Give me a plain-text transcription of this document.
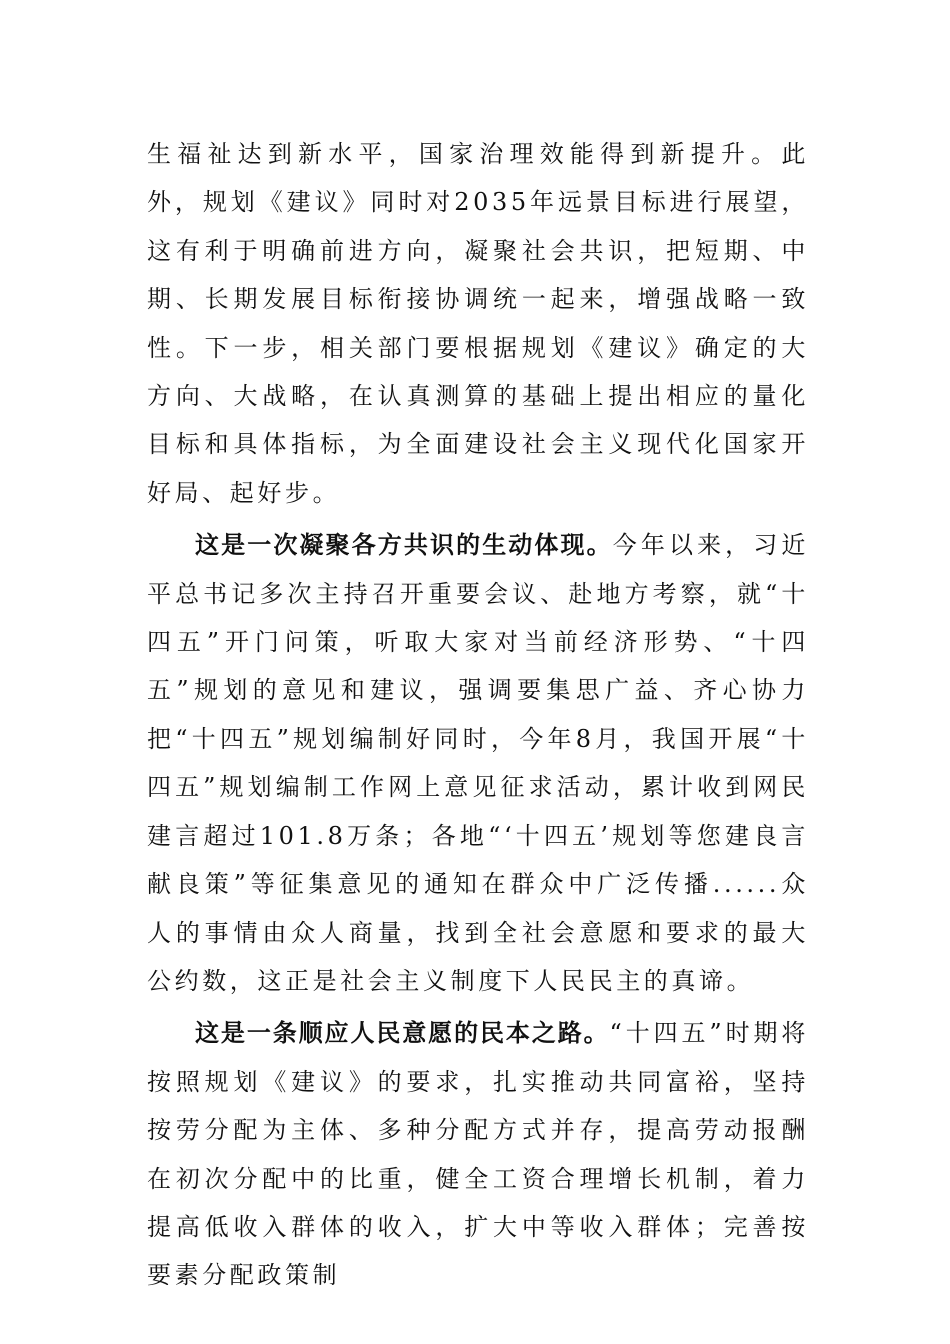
生福祉达到新水平，国家治理效能得到新提升。此外，规划《建议》同时对2035年远景目标进行展望，这有利于明确前进方向，凝聚社会共识，把短期、中期、长期发展目标衔接协调统一起来，增强战略一致性。下一步，相关部门要根据规划《建议》确定的大方向、大战略，在认真测算的基础上提出相应的量化目标和具体指标，为全面建设社会主义现代化国家开好局、起好步。

这是一次凝聚各方共识的生动体现。今年以来，习近平总书记多次主持召开重要会议、赴地方考察，就“十四五”开门问策，听取大家对当前经济形势、“十四五”规划的意见和建议，强调要集思广益、齐心协力把“十四五”规划编制好同时，今年8月，我国开展“十四五”规划编制工作网上意见征求活动，累计收到网民建言超过101.8万条；各地“‘十四五’规划等您建良言献良策”等征集意见的通知在群众中广泛传播......众人的事情由众人商量，找到全社会意愿和要求的最大公约数，这正是社会主义制度下人民民主的真谛。

这是一条顺应人民意愿的民本之路。“十四五”时期将按照规划《建议》的要求，扎实推动共同富裕，坚持按劳分配为主体、多种分配方式并存，提高劳动报酬在初次分配中的比重，健全工资合理增长机制，着力提高低收入群体的收入，扩大中等收入群体；完善按要素分配政策制
